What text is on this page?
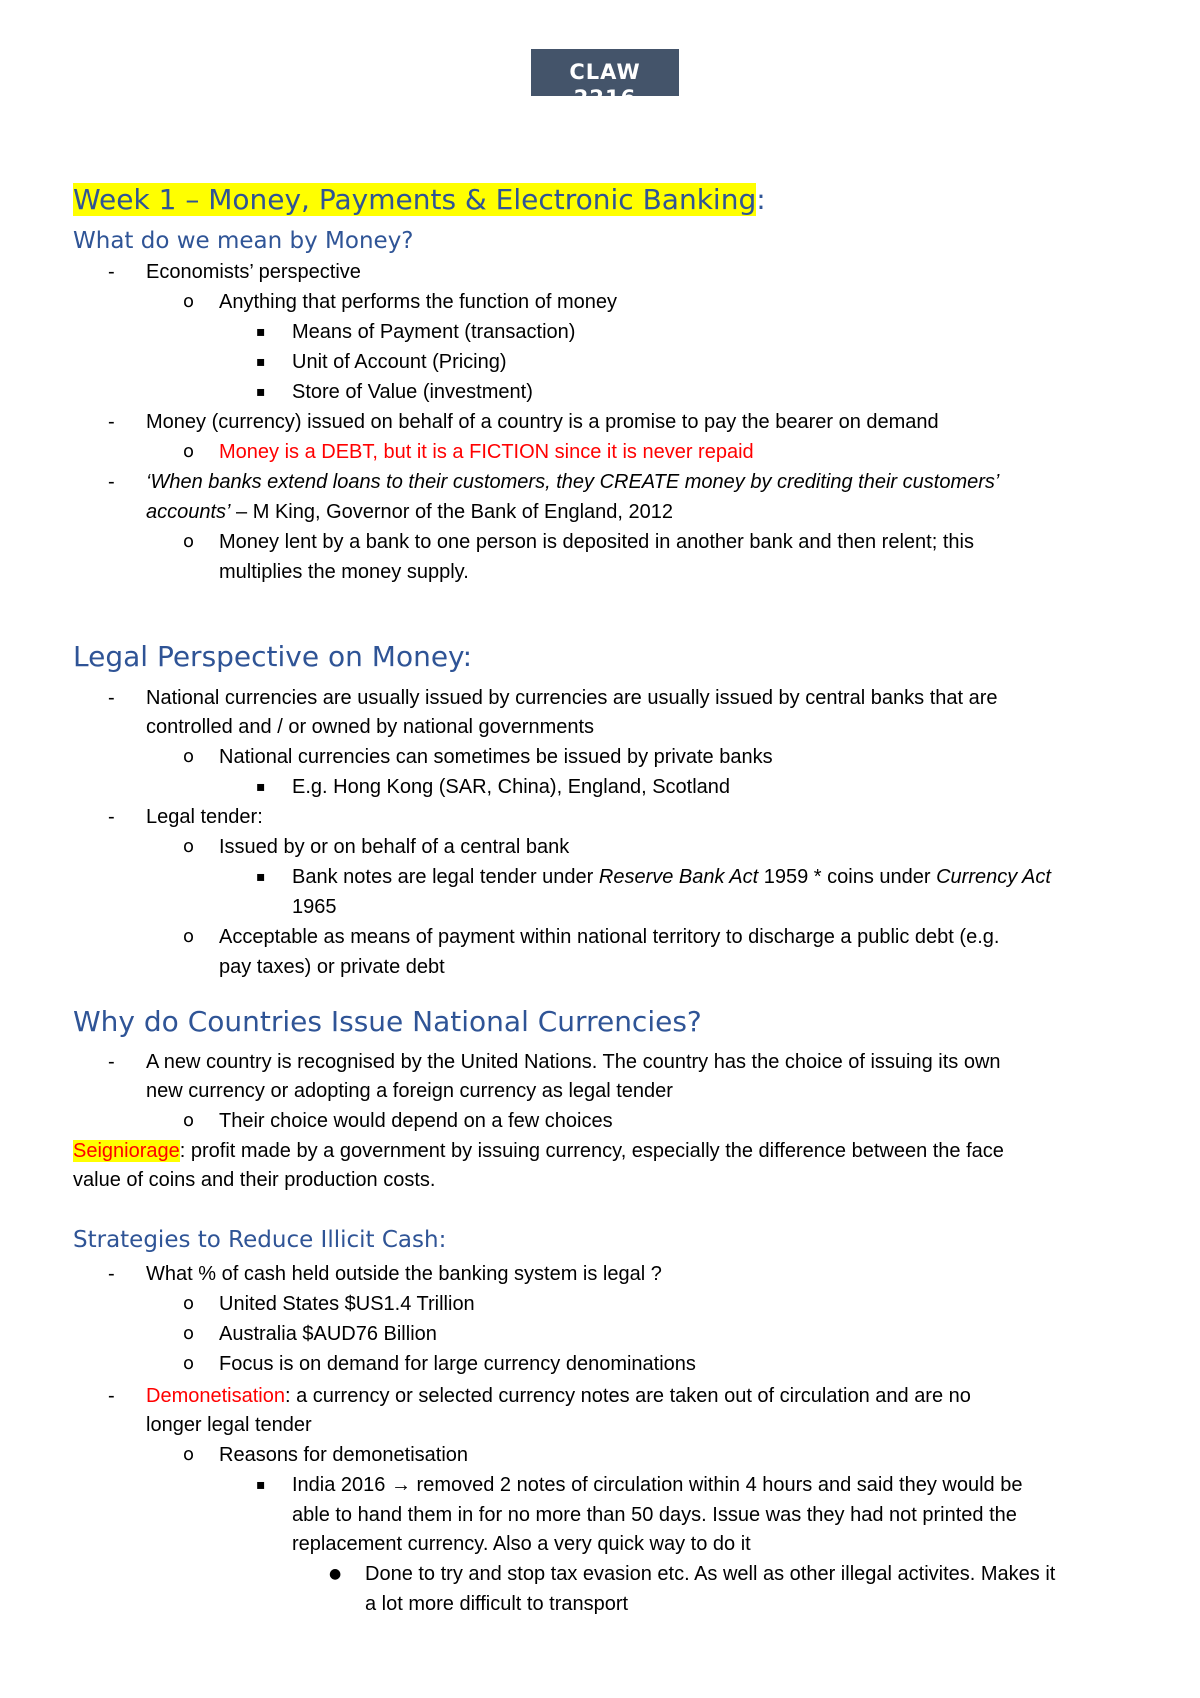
CLAW
2216
Week 1 – Money, Payments & Electronic Banking:
What do we mean by Money?
- Economists’ perspective
o Anything that performs the function of money
▪ Means of Payment (transaction)
▪ Unit of Account (Pricing)
▪ Store of Value (investment)
- Money (currency) issued on behalf of a country is a promise to pay the bearer on demand
o Money is a DEBT, but it is a FICTION since it is never repaid
- ‘When banks extend loans to their customers, they CREATE money by crediting their customers’
accounts’ – M King, Governor of the Bank of England, 2012
o Money lent by a bank to one person is deposited in another bank and then relent; this
multiplies the money supply.
Legal Perspective on Money:
- National currencies are usually issued by currencies are usually issued by central banks that are
controlled and / or owned by national governments
o National currencies can sometimes be issued by private banks
▪ E.g. Hong Kong (SAR, China), England, Scotland
- Legal tender:
o Issued by or on behalf of a central bank
▪ Bank notes are legal tender under Reserve Bank Act 1959 * coins under Currency Act
1965
o Acceptable as means of payment within national territory to discharge a public debt (e.g.
pay taxes) or private debt
Why do Countries Issue National Currencies?
- A new country is recognised by the United Nations. The country has the choice of issuing its own
new currency or adopting a foreign currency as legal tender
o Their choice would depend on a few choices
Seigniorage: profit made by a government by issuing currency, especially the difference between the face
value of coins and their production costs.
Strategies to Reduce Illicit Cash:
- What % of cash held outside the banking system is legal ?
o United States $US1.4 Trillion
o Australia $AUD76 Billion
o Focus is on demand for large currency denominations
- Demonetisation: a currency or selected currency notes are taken out of circulation and are no
longer legal tender
o Reasons for demonetisation
▪ India 2016 → removed 2 notes of circulation within 4 hours and said they would be
able to hand them in for no more than 50 days. Issue was they had not printed the
replacement currency. Also a very quick way to do it
● Done to try and stop tax evasion etc. As well as other illegal activites. Makes it
a lot more difficult to transport
